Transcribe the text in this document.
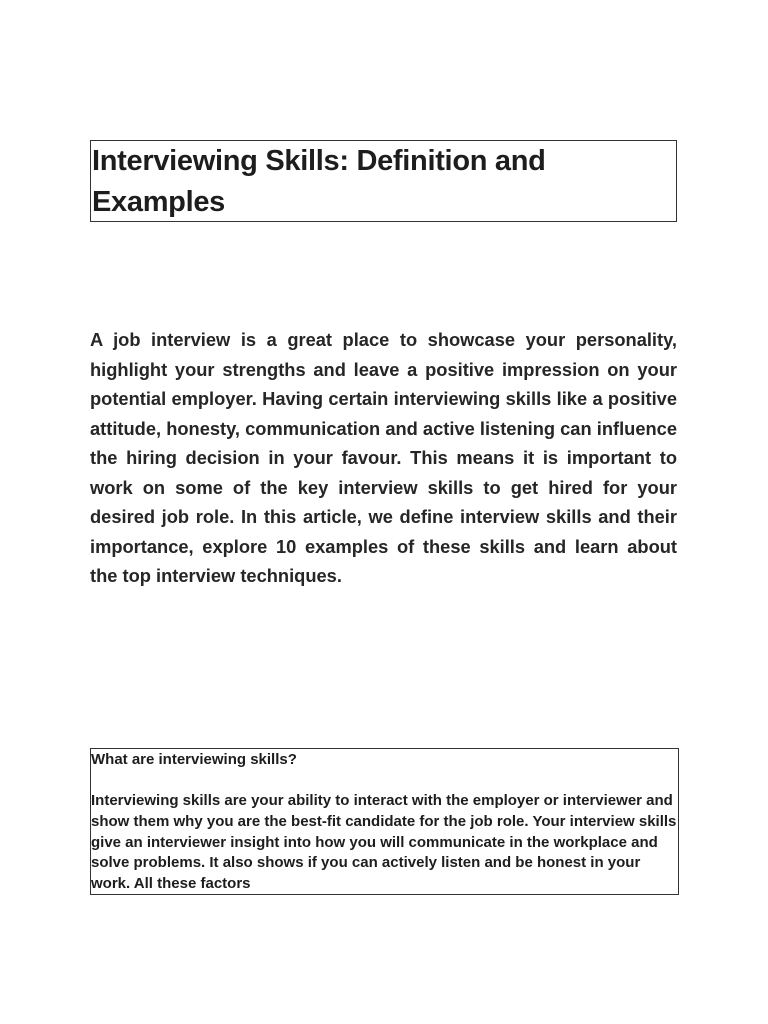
Interviewing Skills: Definition and Examples

A job interview is a great place to showcase your personality, highlight your strengths and leave a positive impression on your potential employer. Having certain interviewing skills like a positive attitude, honesty, communication and active listening can influence the hiring decision in your favour. This means it is important to work on some of the key interview skills to get hired for your desired job role. In this article, we define interview skills and their importance, explore 10 examples of these skills and learn about the top interview techniques.

What are interviewing skills?

Interviewing skills are your ability to interact with the employer or interviewer and show them why you are the best-fit candidate for the job role. Your interview skills give an interviewer insight into how you will communicate in the workplace and solve problems. It also shows if you can actively listen and be honest in your work. All these factors
